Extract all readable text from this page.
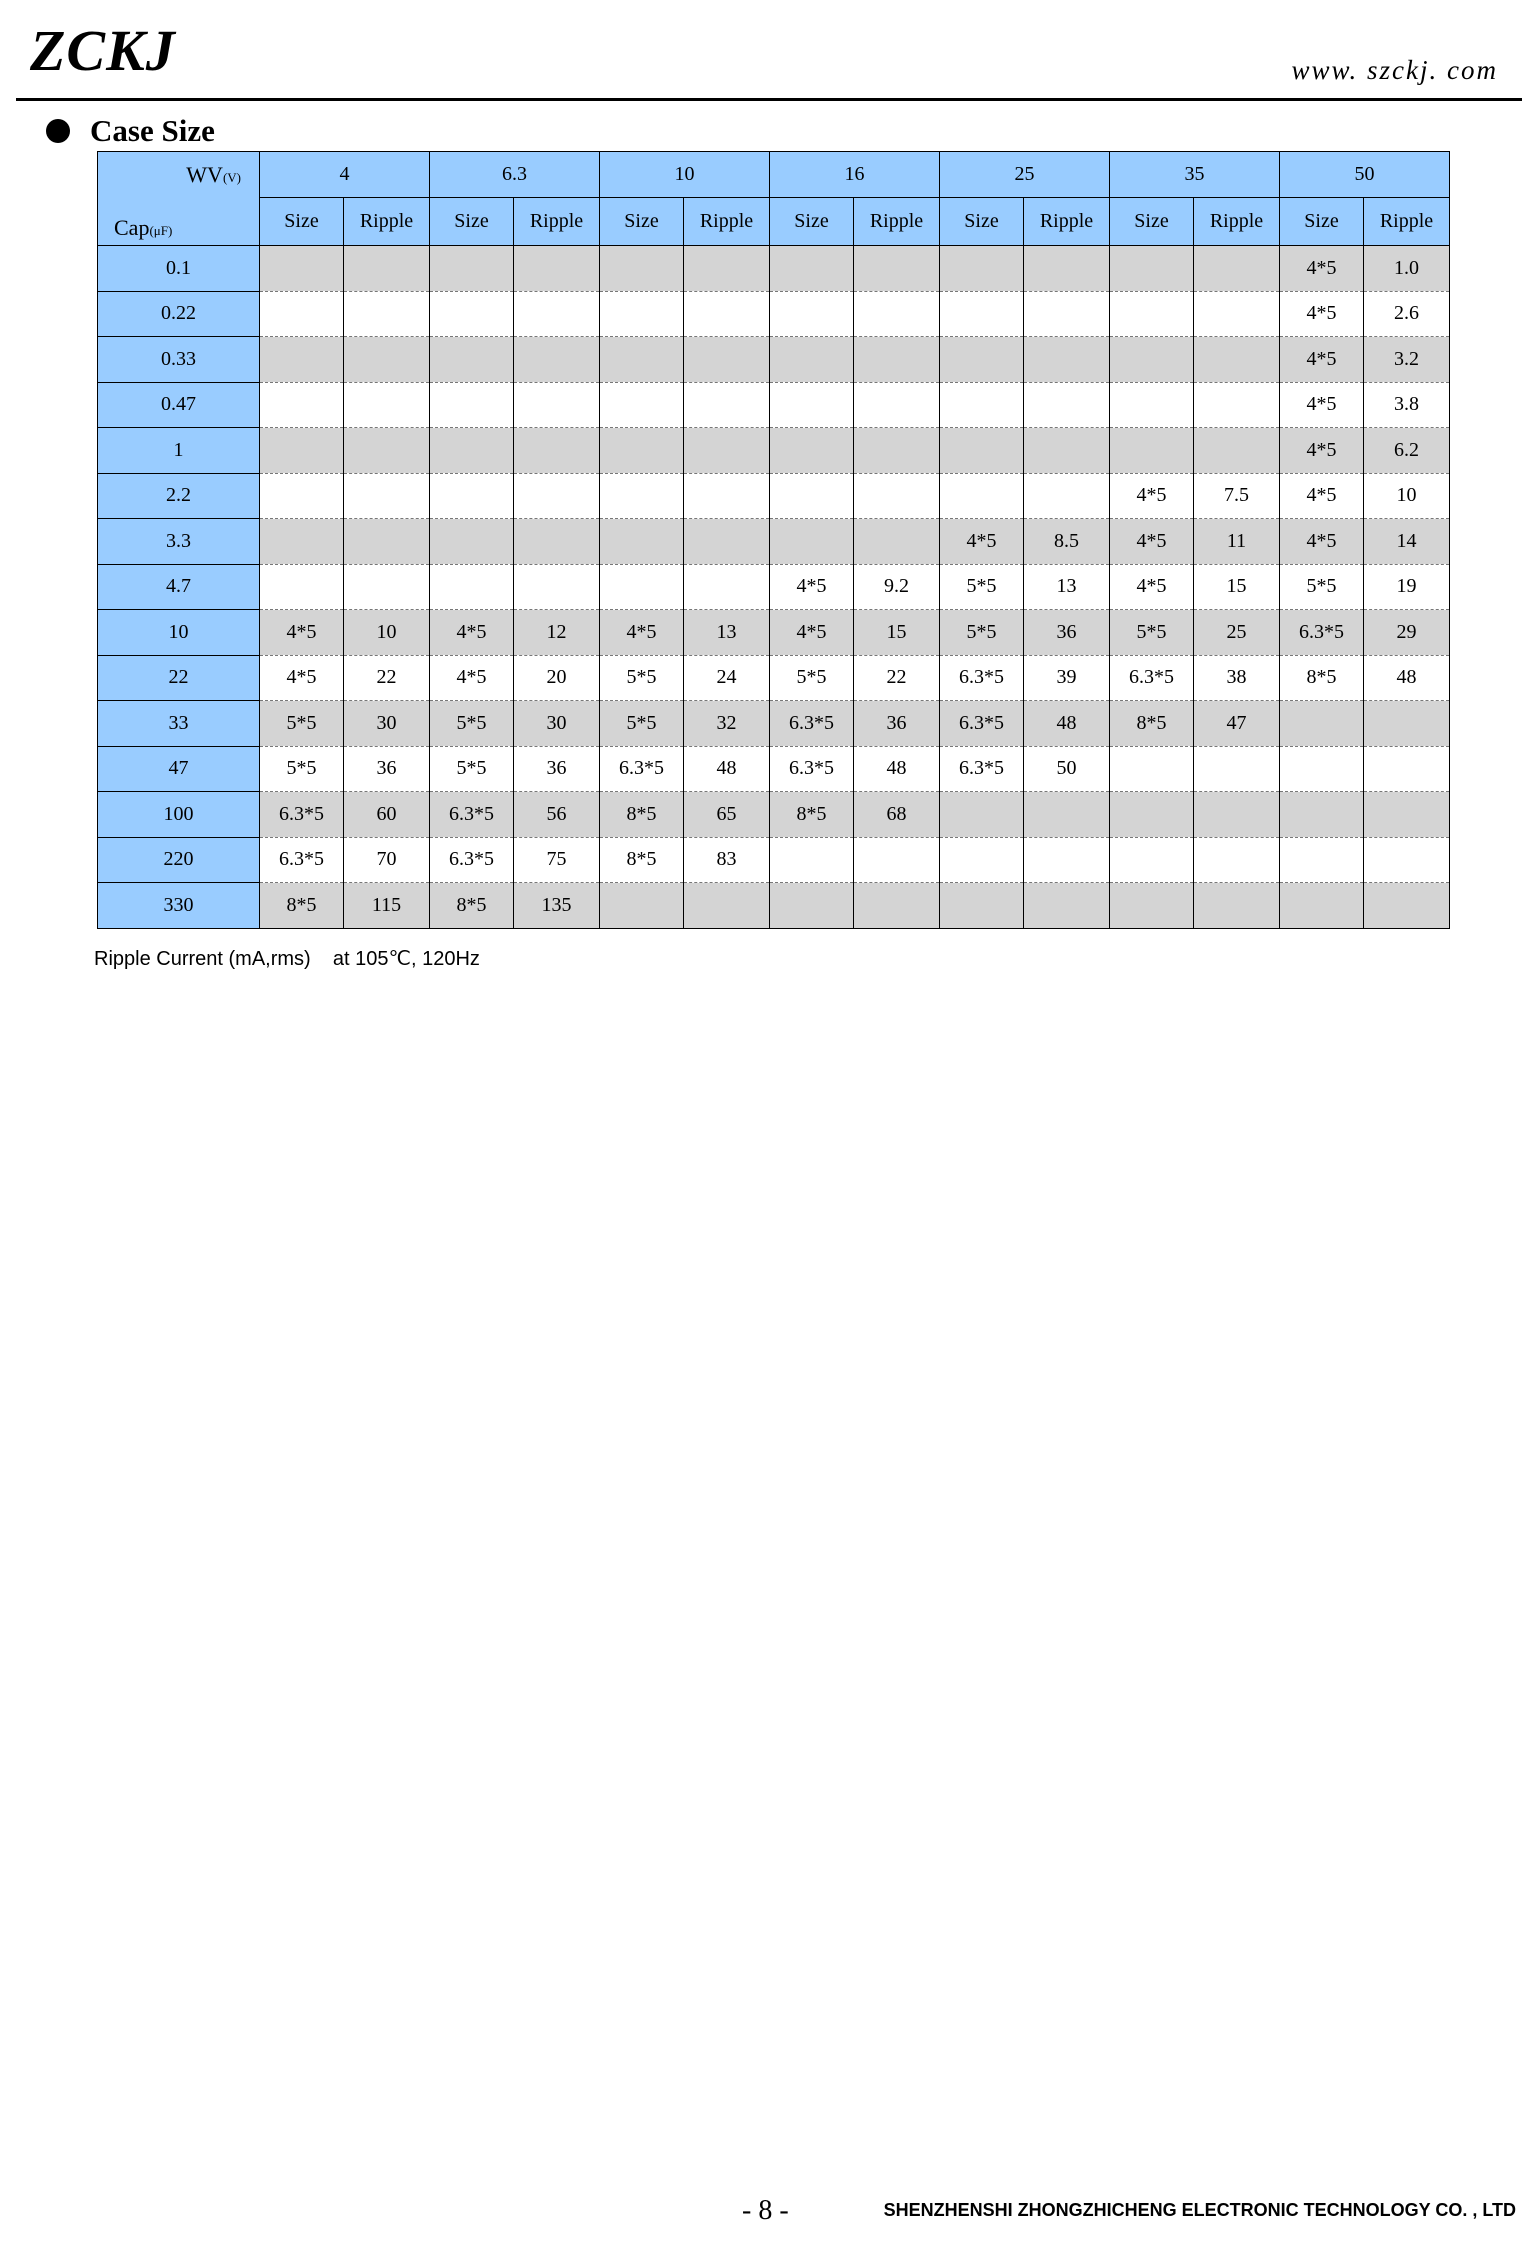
ZCKJ	www. szckj. com
Case Size
WV(V)
Cap(μF)	4		6.3		10		16		25		35		50	
	Size	Ripple	Size	Ripple	Size	Ripple	Size	Ripple	Size	Ripple	Size	Ripple	Size	Ripple
0.1													4*5	1.0
0.22													4*5	2.6
0.33													4*5	3.2
0.47													4*5	3.8
1													4*5	6.2
2.2											4*5	7.5	4*5	10
3.3									4*5	8.5	4*5	11	4*5	14
4.7							4*5	9.2	5*5	13	4*5	15	5*5	19
10	4*5	10	4*5	12	4*5	13	4*5	15	5*5	36	5*5	25	6.3*5	29
22	4*5	22	4*5	20	5*5	24	5*5	22	6.3*5	39	6.3*5	38	8*5	48
33	5*5	30	5*5	30	5*5	32	6.3*5	36	6.3*5	48	8*5	47		
47	5*5	36	5*5	36	6.3*5	48	6.3*5	48	6.3*5	50				
100	6.3*5	60	6.3*5	56	8*5	65	8*5	68						
220	6.3*5	70	6.3*5	75	8*5	83								
330	8*5	115	8*5	135										
Ripple Current (mA,rms)    at 105℃, 120Hz
- 8 -	SHENZHENSHI ZHONGZHICHENG ELECTRONIC TECHNOLOGY CO. , LTD
